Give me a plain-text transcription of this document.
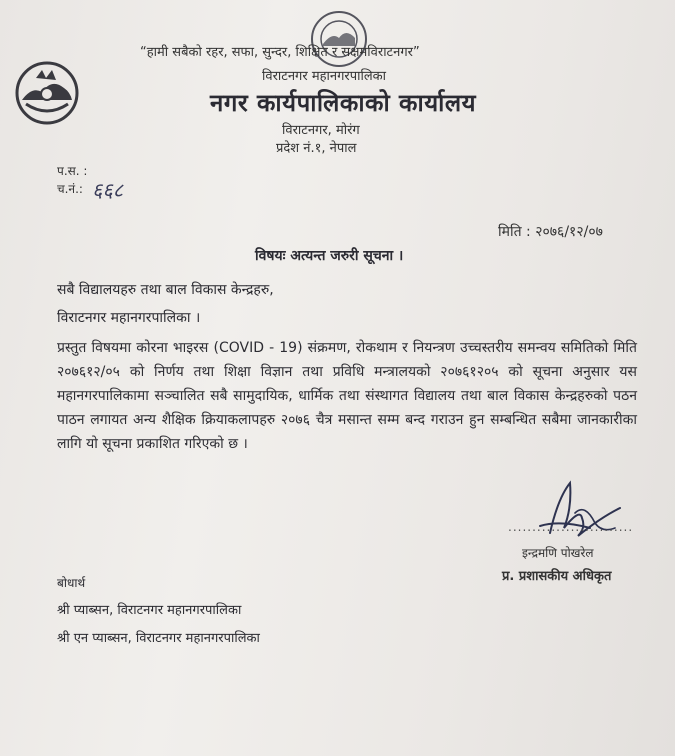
“हामी सबैको रहर, सफा, सुन्दर, शिक्षित र सक्षमविराटनगर”
विराटनगर महानगरपालिका
नगर कार्यपालिकाको कार्यालय
विराटनगर, मोरंग
प्रदेश नं.१, नेपाल
प.स. :
च.नं.: ६६८
मिति : २०७६/१२/०७
विषयः अत्यन्त जरुरी सूचना ।
सबै विद्यालयहरु तथा बाल विकास केन्द्रहरु,
विराटनगर महानगरपालिका ।
प्रस्तुत विषयमा कोरना भाइरस (COVID - 19) संक्रमण, रोकथाम र नियन्त्रण उच्चस्तरीय समन्वय समितिको मिति २०७६१२/०५ को निर्णय तथा शिक्षा विज्ञान तथा प्रविधि मन्त्रालयको २०७६१२०५ को सूचना अनुसार यस महानगरपालिकामा सञ्चालित सबै सामुदायिक, धार्मिक तथा संस्थागत विद्यालय तथा बाल विकास केन्द्रहरुको पठन पाठन लगायत अन्य शैक्षिक क्रियाकलापहरु २०७६ चैत्र मसान्त सम्म बन्द गराउन हुन सम्बन्धित सबैमा जानकारीका लागि यो सूचना प्रकाशित गरिएको छ ।
..........................
इन्द्रमणि पोखरेल
प्र. प्रशासकीय अधिकृत
बोधार्थ
श्री प्याब्सन, विराटनगर महानगरपालिका
श्री एन प्याब्सन, विराटनगर महानगरपालिका
